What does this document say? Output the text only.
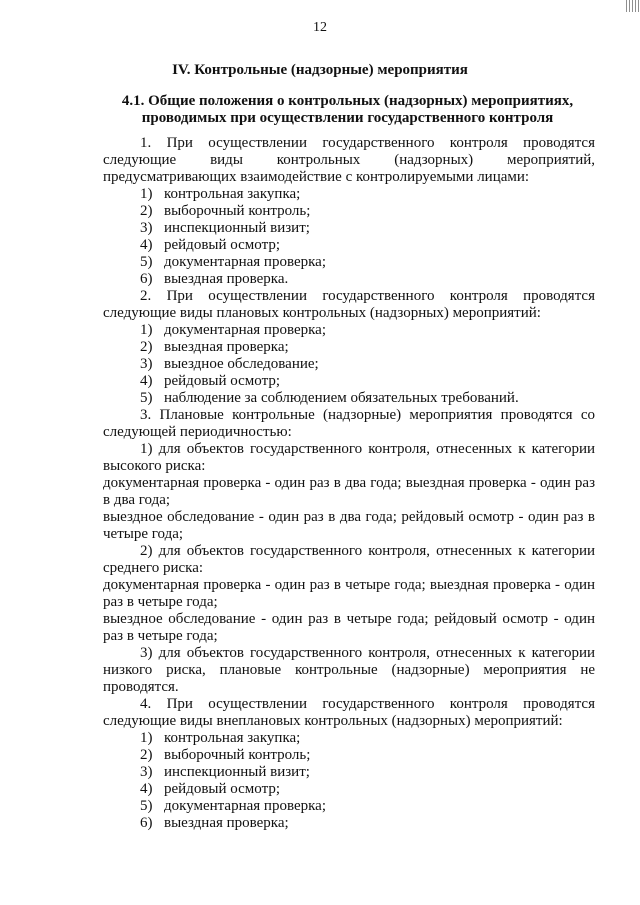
12
IV. Контрольные (надзорные) мероприятия
4.1. Общие положения о контрольных (надзорных) мероприятиях, проводимых при осуществлении государственного контроля

1. При осуществлении государственного контроля проводятся следующие виды контрольных (надзорных) мероприятий, предусматривающих взаимодействие с контролируемыми лицами:

1) контрольная закупка;

2) выборочный контроль;

3) инспекционный визит;

4) рейдовый осмотр;

5) документарная проверка;

6) выездная проверка.

2. При осуществлении государственного контроля проводятся следующие виды плановых контрольных (надзорных) мероприятий:

1) документарная проверка;

2) выездная проверка;

3) выездное обследование;

4) рейдовый осмотр;

5) наблюдение за соблюдением обязательных требований.

3. Плановые контрольные (надзорные) мероприятия проводятся со следующей периодичностью:

1) для объектов государственного контроля, отнесенных к категории высокого риска:

документарная проверка - один раз в два года; выездная проверка - один раз в два года;

выездное обследование - один раз в два года; рейдовый осмотр - один раз в четыре года;

2) для объектов государственного контроля, отнесенных к категории среднего риска:

документарная проверка - один раз в четыре года; выездная проверка - один раз в четыре года;

выездное обследование - один раз в четыре года; рейдовый осмотр - один раз в четыре года;

3) для объектов государственного контроля, отнесенных к категории низкого риска, плановые контрольные (надзорные) мероприятия не проводятся.

4. При осуществлении государственного контроля проводятся следующие виды внеплановых контрольных (надзорных) мероприятий:

1) контрольная закупка;

2) выборочный контроль;

3) инспекционный визит;

4) рейдовый осмотр;

5) документарная проверка;

6) выездная проверка;
